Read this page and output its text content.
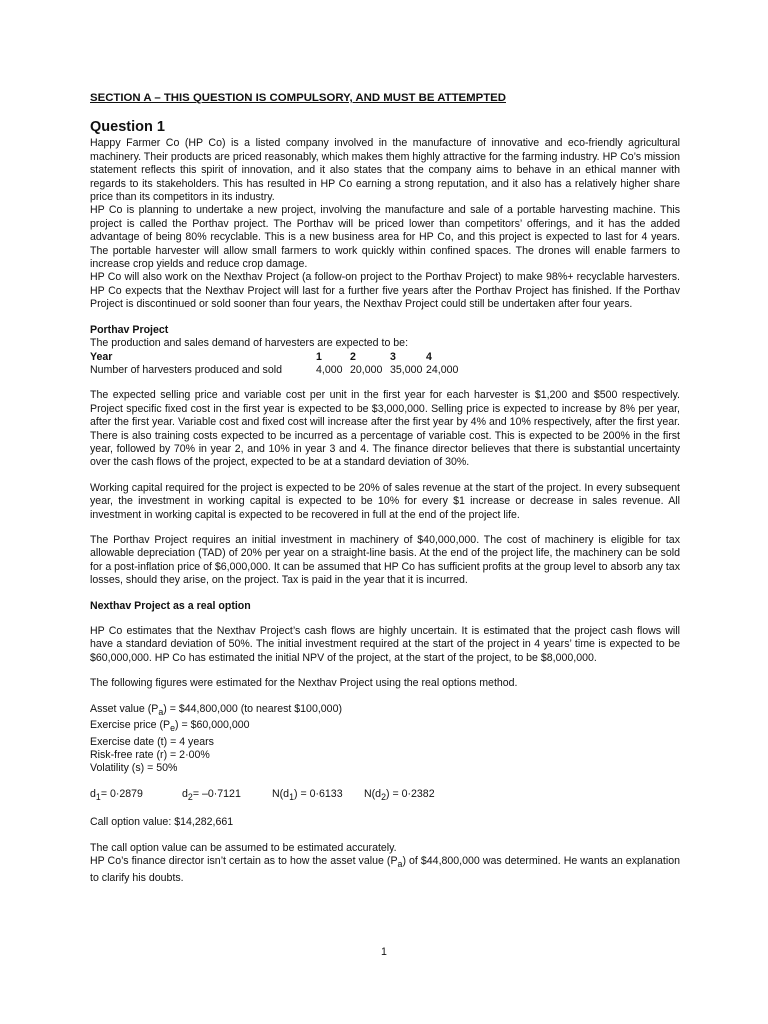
SECTION A – THIS QUESTION IS COMPULSORY, AND MUST BE ATTEMPTED
Question 1

Happy Farmer Co (HP Co) is a listed company involved in the manufacture of innovative and eco-friendly agricultural machinery. Their products are priced reasonably, which makes them highly attractive for the farming industry. HP Co’s mission statement reflects this spirit of innovation, and it also states that the company aims to behave in an ethical manner with regards to its stakeholders. This has resulted in HP Co earning a strong reputation, and it also has a relatively higher share price than its competitors in its industry.

HP Co is planning to undertake a new project, involving the manufacture and sale of a portable harvesting machine. This project is called the Porthav project. The Porthav will be priced lower than competitors’ offerings, and it has the added advantage of being 80% recyclable. This is a new business area for HP Co, and this project is expected to last for 4 years. The portable harvester will allow small farmers to work quickly within confined spaces. The drones will enable farmers to increase crop yields and reduce crop damage.

HP Co will also work on the Nexthav Project (a follow-on project to the Porthav Project) to make 98%+ recyclable harvesters. HP Co expects that the Nexthav Project will last for a further five years after the Porthav Project has finished. If the Porthav Project is discontinued or sold sooner than four years, the Nexthav Project could still be undertaken after four years.

Porthav Project

The production and sales demand of harvesters are expected to be:

Year	1	2	3	4
Number of harvesters produced and sold	4,000	20,000	35,000	24,000

The expected selling price and variable cost per unit in the first year for each harvester is $1,200 and $500 respectively. Project specific fixed cost in the first year is expected to be $3,000,000. Selling price is expected to increase by 8% per year, after the first year. Variable cost and fixed cost will increase after the first year by 4% and 10% respectively, after the first year. There is also training costs expected to be incurred as a percentage of variable cost. This is expected to be 200% in the first year, followed by 70% in year 2, and 10% in year 3 and 4. The finance director believes that there is substantial uncertainty over the cash flows of the project, expected to be at a standard deviation of 30%.

Working capital required for the project is expected to be 20% of sales revenue at the start of the project. In every subsequent year, the investment in working capital is expected to be 10% for every $1 increase or decrease in sales revenue. All investment in working capital is expected to be recovered in full at the end of the project life.

The Porthav Project requires an initial investment in machinery of $40,000,000. The cost of machinery is eligible for tax allowable depreciation (TAD) of 20% per year on a straight-line basis. At the end of the project life, the machinery can be sold for a post-inflation price of $6,000,000. It can be assumed that HP Co has sufficient profits at the group level to absorb any tax losses, should they arise, on the project. Tax is paid in the year that it is incurred.

Nexthav Project as a real option

HP Co estimates that the Nexthav Project’s cash flows are highly uncertain. It is estimated that the project cash flows will have a standard deviation of 50%. The initial investment required at the start of the project in 4 years’ time is expected to be $60,000,000. HP Co has estimated the initial NPV of the project, at the start of the project, to be $8,000,000.

The following figures were estimated for the Nexthav Project using the real options method.

Asset value $(P_a)$ = $44,800,000 (to nearest $100,000)
Exercise price $(P_e)$ = $60,000,000
Exercise date (t) = 4 years
Risk-free rate (r) = 2·00%
Volatility (s) = 50%
$d_1= 0\cdot 2879$	$d_2= -0\cdot 7121$	$N(d_1) = 0\cdot 6133$	$N(d_2) = 0\cdot 2382$
Call option value: $14,282,661
The call option value can be assumed to be estimated accurately.

HP Co’s finance director isn’t certain as to how the asset value $(P_a)$ of $44,800,000 was determined. He wants an explanation to clarify his doubts.

1
